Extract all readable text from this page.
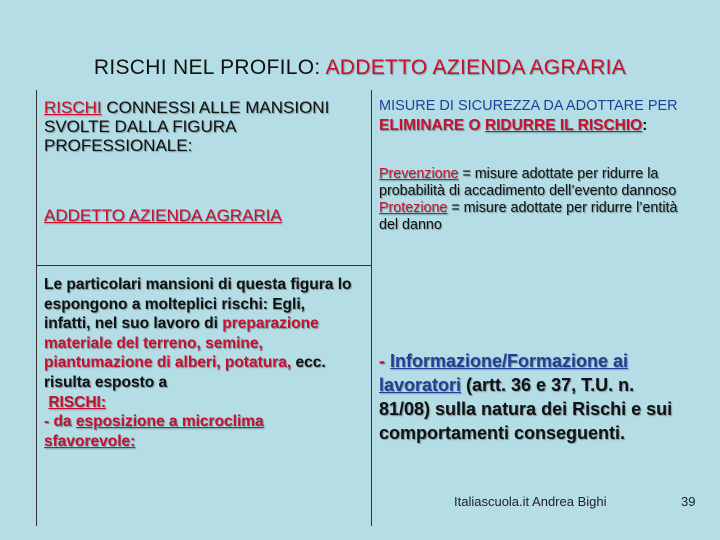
RISCHI NEL PROFILO: ADDETTO AZIENDA AGRARIA
RISCHI CONNESSI ALLE MANSIONI SVOLTE DALLA FIGURA PROFESSIONALE:
ADDETTO AZIENDA AGRARIA
Le particolari mansioni di questa figura lo espongono a molteplici rischi: Egli, infatti, nel suo lavoro di preparazione materiale del terreno, semine, piantumazione di alberi, potatura, ecc. risulta esposto a
RISCHI:
- da esposizione a microclima sfavorevole:
MISURE DI SICUREZZA DA ADOTTARE PER ELIMINARE O RIDURRE IL RISCHIO:
Prevenzione = misure adottate per ridurre la probabilità di accadimento dell’evento dannoso
Protezione = misure adottate per ridurre l’entità del danno
- Informazione/Formazione ai lavoratori (artt. 36 e 37, T.U. n. 81/08) sulla natura dei Rischi e sui comportamenti conseguenti.
Italiascuola.it Andrea Bighi	39
